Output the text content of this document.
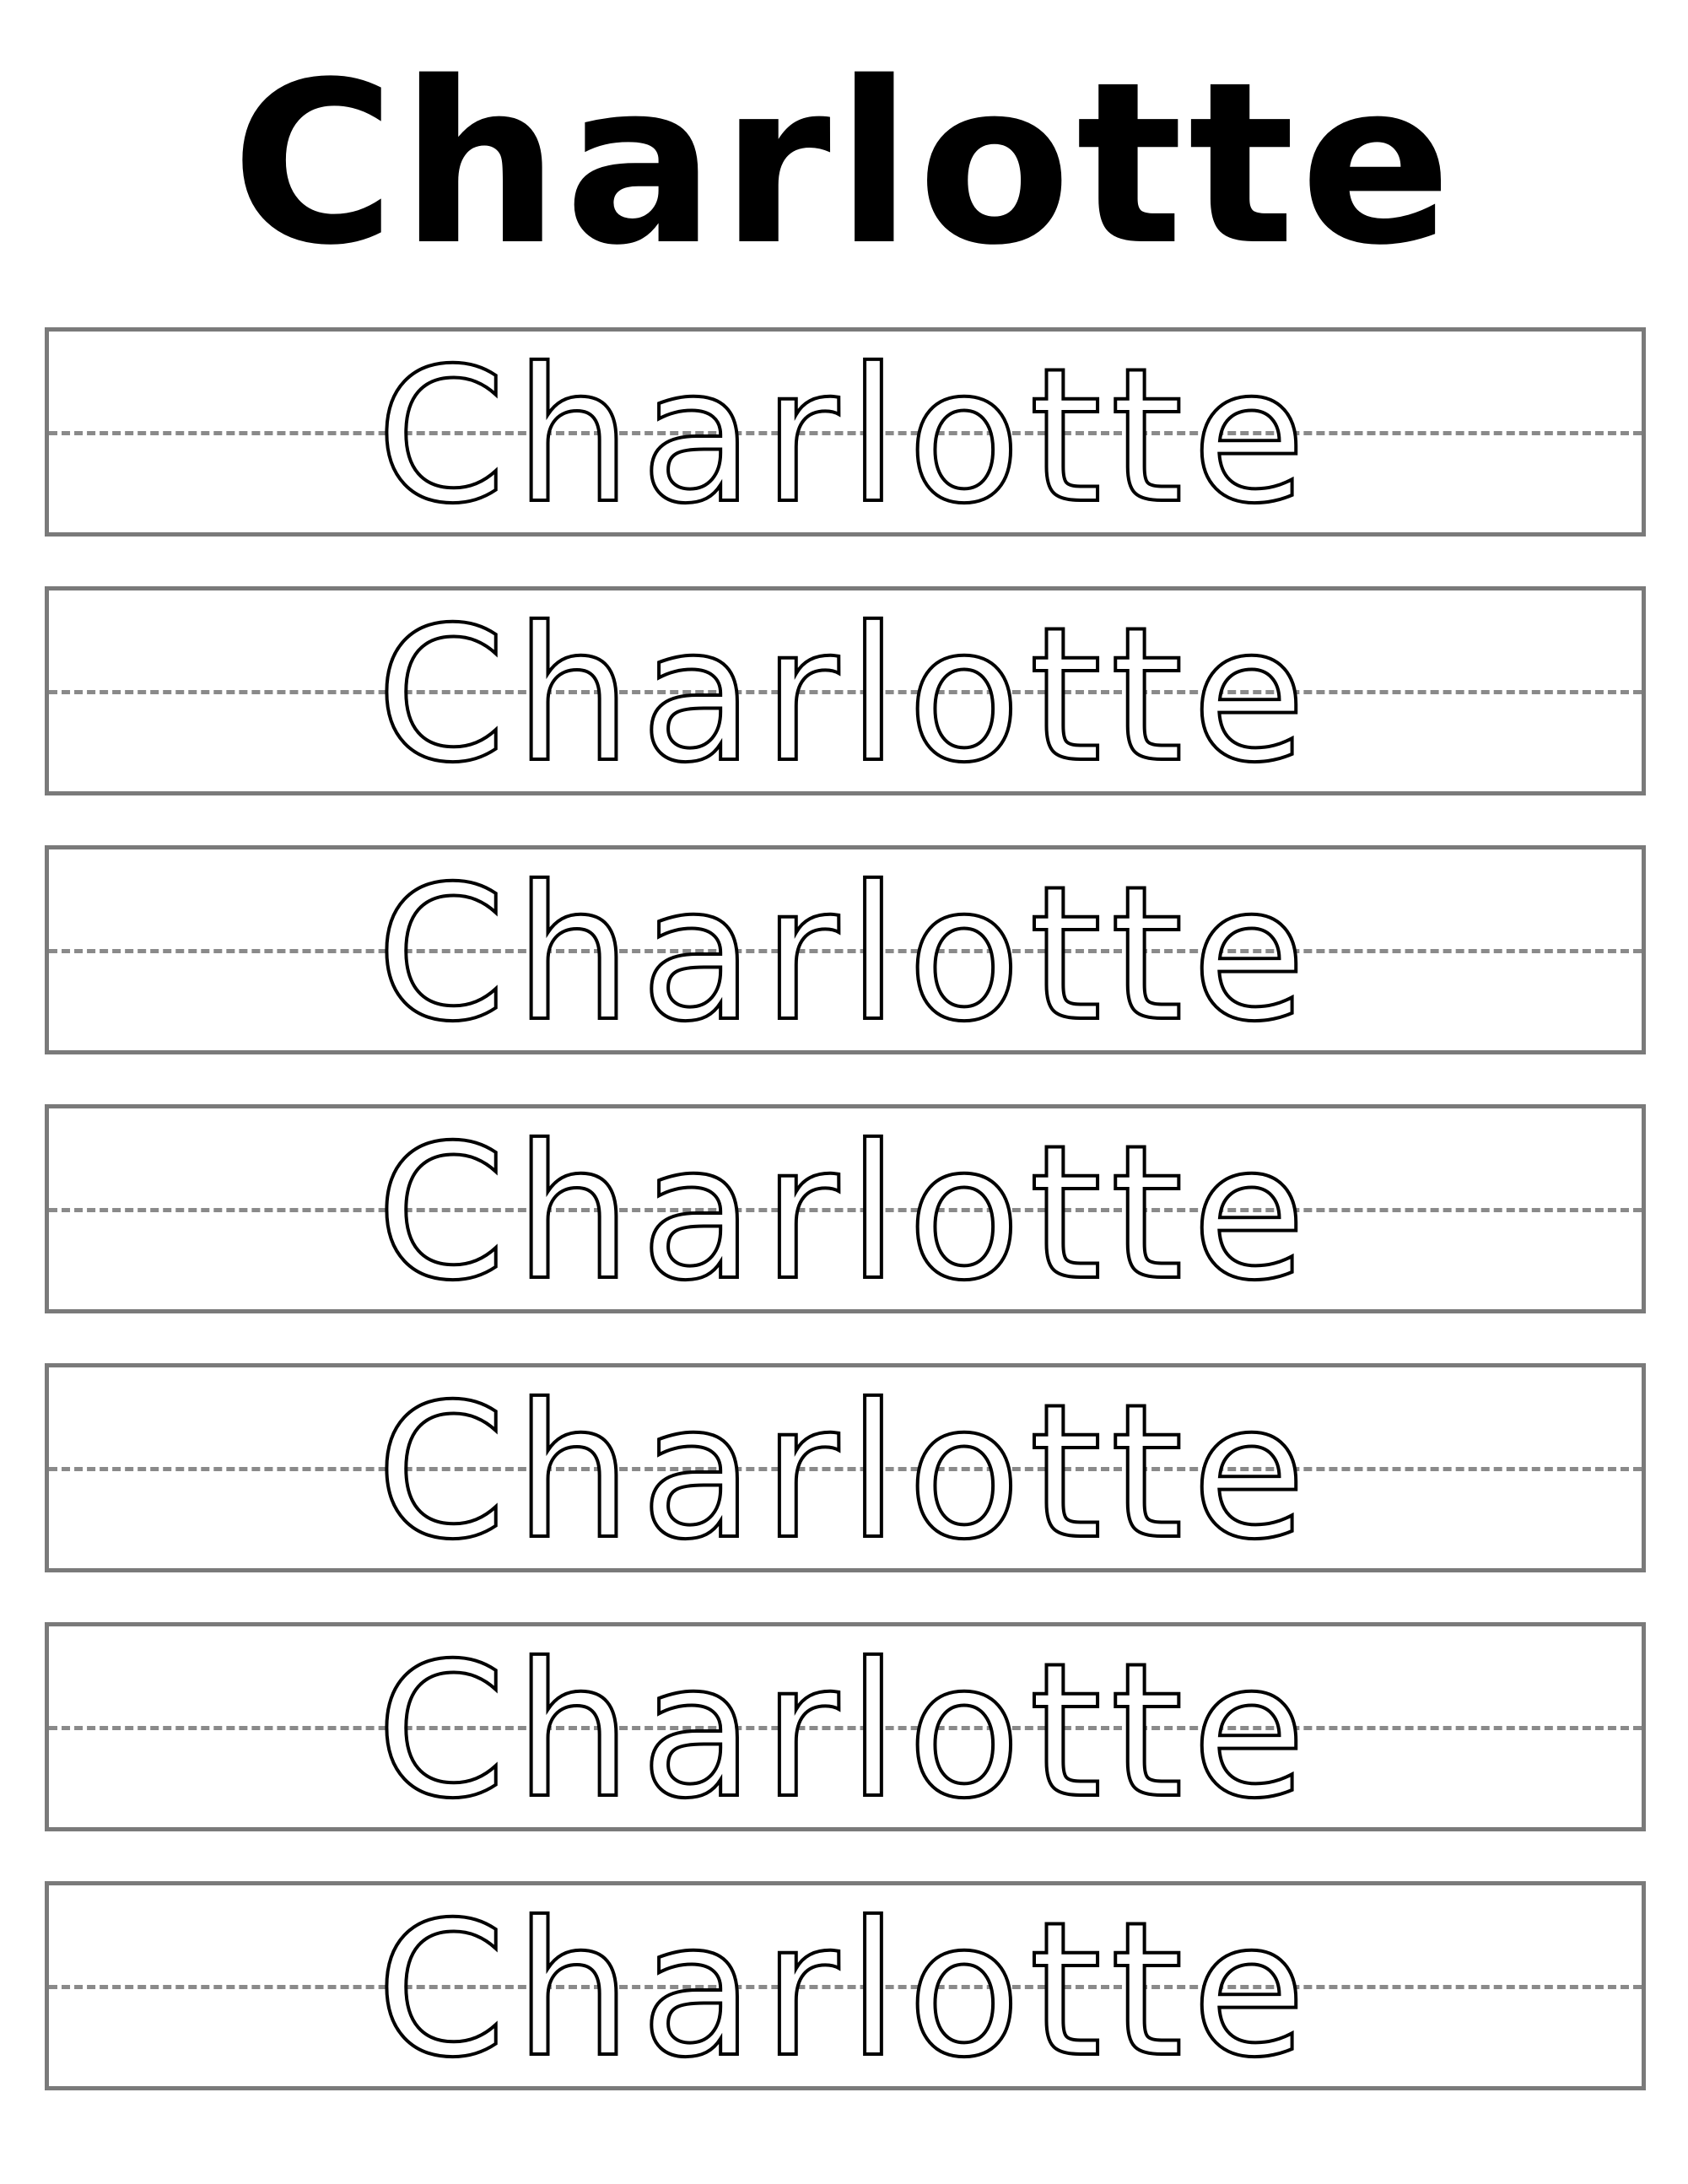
Charlotte
Charlotte
Charlotte
Charlotte
Charlotte
Charlotte
Charlotte
Charlotte
